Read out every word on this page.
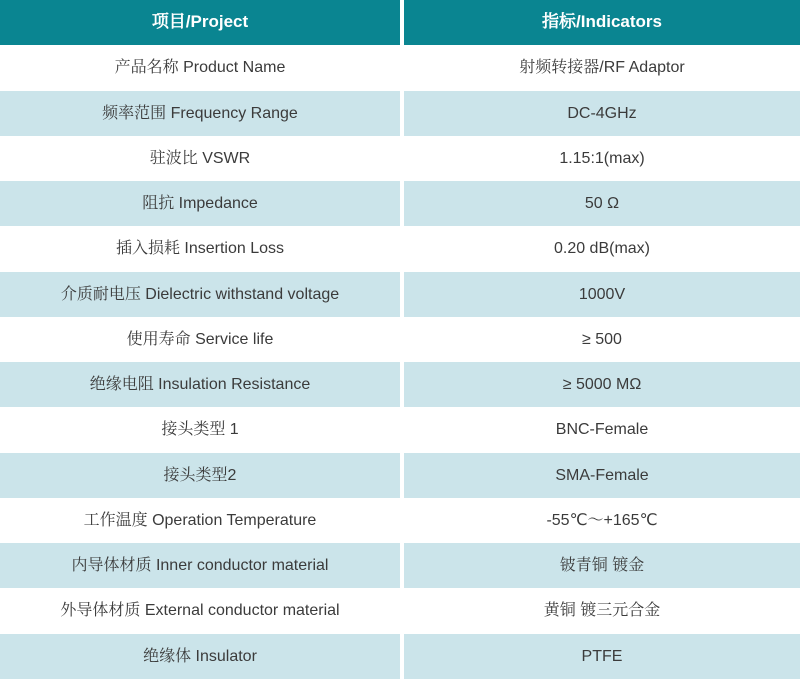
项目/Project	指标/Indicators
产品名称 Product Name	射频转接器/RF Adaptor
频率范围 Frequency Range	DC-4GHz
驻波比 VSWR	1.15:1(max)
阻抗 Impedance	50 Ω
插入损耗 Insertion Loss	0.20 dB(max)
介质耐电压 Dielectric withstand voltage	1000V
使用寿命 Service life	≥ 500
绝缘电阻 Insulation Resistance	≥ 5000 MΩ
接头类型 1	BNC-Female
接头类型2	SMA-Female
工作温度 Operation Temperature	-55℃～+165℃
内导体材质 Inner conductor material	铍青铜 镀金
外导体材质 External conductor material	黄铜 镀三元合金
绝缘体 Insulator	PTFE
